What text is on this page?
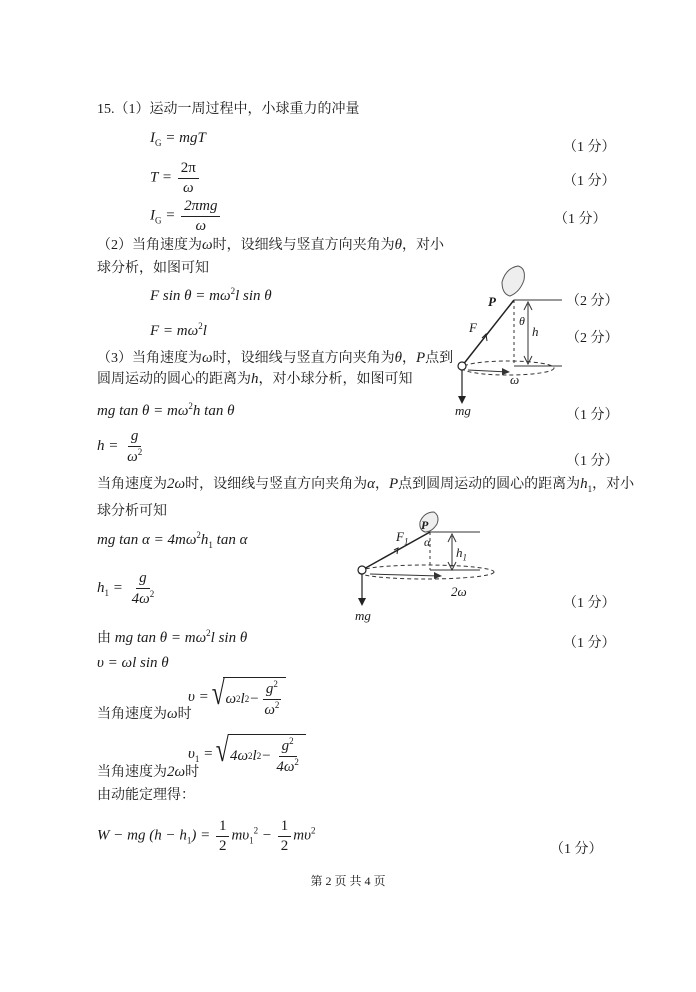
15.（1）运动一周过程中，小球重力的冲量
$I_G$ = mgT
（1 分）
$T = \frac{2\pi}{\omega}$	（1 分）
$I_G = \frac{\text{2πmg}}{\omega}$	（1 分）
（2）当角速度为ω时，设细线与竖直方向夹角为θ，对小
球分析，如图可知
F $\sin \theta = m\omega^2l$ sin θ	（2 分）
$F = m\omega^2l$	（2 分）
（3）当角速度为ω时，设细线与竖直方向夹角为θ，P点到
圆周运动的圆心的距离为h，对小球分析，如图可知
mg $\tan \theta = m\omega^2h$ tan θ	（1 分）
$h = \frac{g}{\omega^2}$	（1 分）
当角速度为2ω时，设细线与竖直方向夹角为α，P点到圆周运动的圆心的距离为$h_1$，对小
球分析可知
mg $\tan \alpha = 4m\omega^2h_1$ tan α
$h_1 = \frac{g}{4\omega^2}$	（1 分）
由 mg $\tan \theta = m\omega^2l$ sin θ	（1 分）
υ = ωl sin θ
υ = √ ω 2 l $2 - \frac{g^2}{\omega^2}$
当角速度为ω时
$\upsilon_1$ = √ 4ω 2 l $2 - \frac{g^2}{4\omega^2}$
当角速度为2ω时
由动能定理得：
W − mg $(h - h_1) = \frac{1}{2} m\upsilon_1^2 - \frac{1}{2} m\upsilon^2$
（1 分）
P
θ
F	h
ω
mg
$F_1$
P
α
$h_1$
2ω
mg
第 2 页 共 4 页
